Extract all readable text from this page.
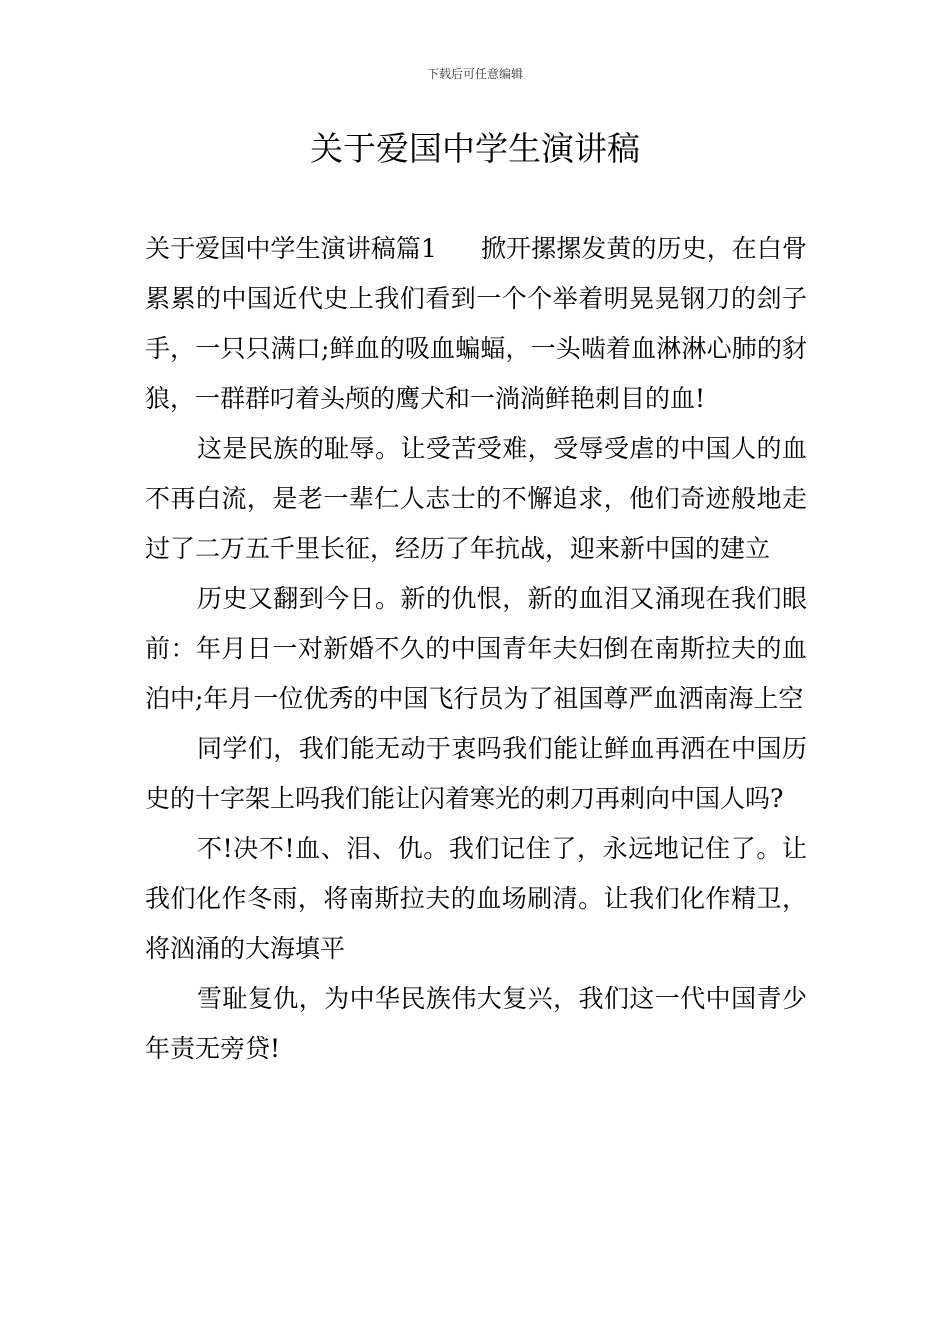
下载后可任意编辑
关于爱国中学生演讲稿

关于爱国中学生演讲稿篇1 掀开摞摞发黄的历史，在白骨累累的中国近代史上我们看到一个个举着明晃晃钢刀的刽子手，一只只满口;鲜血的吸血蝙蝠，一头啮着血淋淋心肺的豺狼，一群群叼着头颅的鹰犬和一淌淌鲜艳刺目的血!

这是民族的耻辱。让受苦受难，受辱受虐的中国人的血不再白流，是老一辈仁人志士的不懈追求，他们奇迹般地走过了二万五千里长征，经历了年抗战，迎来新中国的建立

历史又翻到今日。新的仇恨，新的血泪又涌现在我们眼前：年月日一对新婚不久的中国青年夫妇倒在南斯拉夫的血泊中;年月一位优秀的中国飞行员为了祖国尊严血洒南海上空

同学们，我们能无动于衷吗我们能让鲜血再洒在中国历史的十字架上吗我们能让闪着寒光的刺刀再刺向中国人吗?

不!决不!血、泪、仇。我们记住了，永远地记住了。让我们化作冬雨，将南斯拉夫的血场刷清。让我们化作精卫，将汹涌的大海填平

雪耻复仇，为中华民族伟大复兴，我们这一代中国青少年责无旁贷!
